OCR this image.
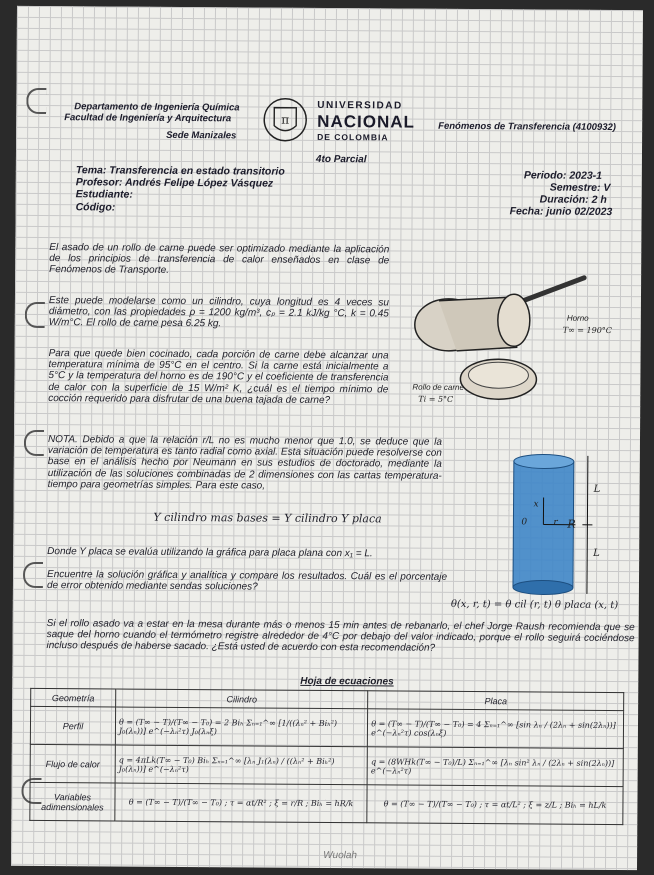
Departamento de Ingeniería Química
Facultad de Ingeniería y Arquitectura
Sede Manizales
π
UNIVERSIDAD
NACIONAL
DE COLOMBIA
Fenómenos de Transferencia (4100932)
4to Parcial
Tema: Transferencia en estado transitorio
Profesor: Andrés Felipe López Vásquez
Estudiante:
Código:
Periodo: 2023-1
Semestre: V
Duración: 2 h
Fecha: junio 02/2023
El asado de un rollo de carne puede ser optimizado mediante la aplicación de los principios de transferencia de calor enseñados en clase de Fenómenos de Transporte.
Este puede modelarse como un cilindro, cuya longitud es 4 veces su diámetro, con las propiedades ρ = 1200 kg/m³, cₚ = 2.1 kJ/kg °C, k = 0.45 W/m°C. El rollo de carne pesa 6.25 kg.
Para que quede bien cocinado, cada porción de carne debe alcanzar una temperatura mínima de 95°C en el centro. Si la carne está inicialmente a 5°C y la temperatura del horno es de 190°C y el coeficiente de transferencia de calor con la superficie de 15 W/m² K, ¿cuál es el tiempo mínimo de cocción requerido para disfrutar de una buena tajada de carne?
NOTA. Debido a que la relación r/L no es mucho menor que 1.0, se deduce que la variación de temperatura es tanto radial como axial. Esta situación puede resolverse con base en el análisis hecho por Neumann en sus estudios de doctorado, mediante la utilización de las soluciones combinadas de 2 dimensiones con las cartas temperatura-tiempo para geometrías simples. Para este caso,
Y cilindro mas bases = Y cilindro Y placa
Donde Y placa se evalúa utilizando la gráfica para placa plana con x₁ = L.
Encuentre la solución gráfica y analítica y compare los resultados. Cuál es el porcentaje de error obtenido mediante sendas soluciones?
θ(x, r, t) = θ cil (r, t) θ placa (x, t)
Si el rollo asado va a estar en la mesa durante más o menos 15 min antes de rebanarlo, el chef Jorge Raush recomienda que se saque del horno cuando el termómetro registre alrededor de 4°C por debajo del valor indicado, porque el rollo seguirá cociéndose incluso después de haberse sacado. ¿Está usted de acuerdo con esta recomendación?
Horno
T∞ = 190°C
Rollo de carne
Ti = 5°C
L
L
R
x
0	r
Hoja de ecuaciones
Geometría	Cilindro	Placa
Perfil	θ = (T∞ − T)/(T∞ − T₀) = 2 Biₕ Σₙ₌₁^∞ [1/((λₙ² + Biₕ²) J₀(λₙ))] e^(−λₙ²τ) J₀(λₙξ)	θ = (T∞ − T)/(T∞ − T₀) = 4 Σₙ₌₁^∞ [sin λₙ / (2λₙ + sin(2λₙ))] e^(−λₙ²τ) cos(λₙξ)
Flujo de calor	q = 4πLk(T∞ − T₀) Biₕ Σₙ₌₁^∞ [λₙ J₁(λₙ) / ((λₙ² + Biₕ²) J₀(λₙ))] e^(−λₙ²τ)	q = (8WHk(T∞ − T₀)/L) Σₙ₌₁^∞ [λₙ sin² λₙ / (2λₙ + sin(2λₙ))] e^(−λₙ²τ)
Variables adimensionales	θ = (T∞ − T)/(T∞ − T₀) ; τ = αt/R² ; ξ = r/R ; Biₕ = hR/k	θ = (T∞ − T)/(T∞ − T₀) ; τ = αt/L² ; ξ = z/L ; Biₕ = hL/k
Wuolah
